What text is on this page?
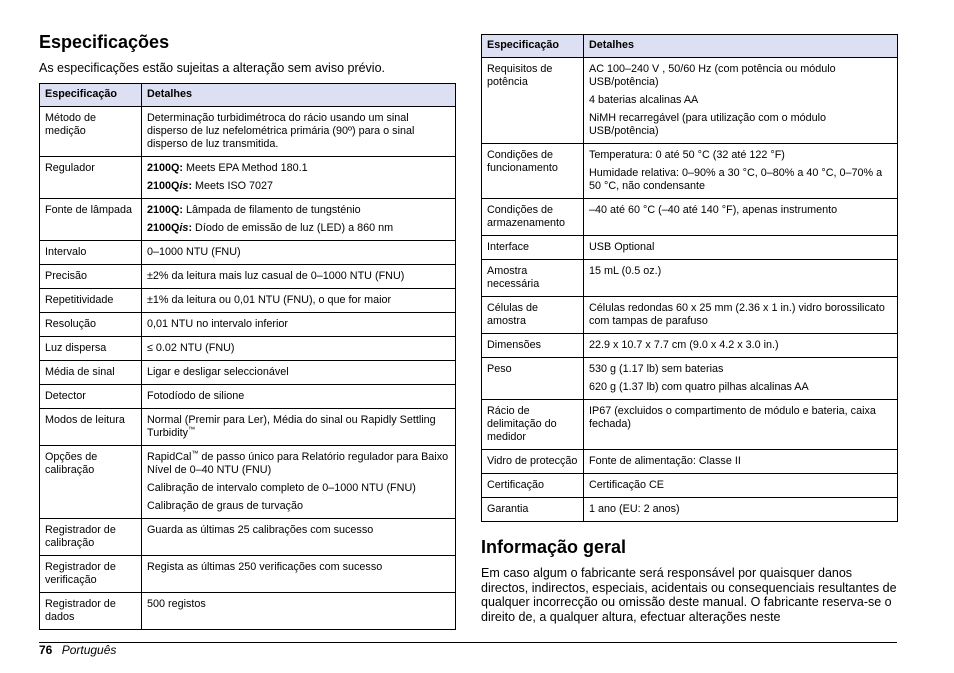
Especificações

As especificações estão sujeitas a alteração sem aviso prévio.

Especificação	Detalhes
Método de medição	Determinação turbidimétroca do rácio usando um sinal disperso de luz nefelométrica primária (90º) para o sinal disperso de luz transmitida.

Regulador	2100Q: Meets EPA Method 180.1
2100Qis: Meets ISO 7027

Fonte de lâmpada	2100Q: Lâmpada de filamento de tungsténio
2100Qis: Díodo de emissão de luz (LED) a 860 nm

Intervalo	0–1000 NTU (FNU)

Precisão	±2% da leitura mais luz casual de 0–1000 NTU (FNU)

Repetitividade	±1% da leitura ou 0,01 NTU (FNU), o que for maior

Resolução	0,01 NTU no intervalo inferior

Luz dispersa	≤ 0.02 NTU (FNU)

Média de sinal	Ligar e desligar seleccionável

Detector	Fotodíodo de silione

Modos de leitura	Normal (Premir para Ler), Média do sinal ou Rapidly Settling Turbidity™

Opções de calibração	RapidCal™ de passo único para Relatório regulador para Baixo Nível de 0–40 NTU (FNU)
Calibração de intervalo completo de 0–1000 NTU (FNU)
Calibração de graus de turvação

Registrador de calibração	Guarda as últimas 25 calibrações com sucesso

Registrador de verificação	Regista as últimas 250 verificações com sucesso

Registrador de dados	500 registos
Especificação	Detalhes
Requisitos de potência	AC 100–240 V , 50/60 Hz (com potência ou módulo USB/potência)
4 baterias alcalinas AA
NiMH recarregável (para utilização com o módulo USB/potência)

Condições de funcionamento	Temperatura: 0 até 50 °C (32 até 122 °F)
Humidade relativa: 0–90% a 30 °C, 0–80% a 40 °C, 0–70% a 50 °C, não condensante

Condições de armazenamento	–40 até 60 °C (–40 até 140 °F), apenas instrumento

Interface	USB Optional

Amostra necessária	15 mL (0.5 oz.)

Células de amostra	Células redondas 60 x 25 mm (2.36 x 1 in.) vidro borossilicato com tampas de parafuso

Dimensões	22.9 x 10.7 x 7.7 cm (9.0 x 4.2 x 3.0 in.)

Peso	530 g (1.17 lb) sem baterias
620 g (1.37 lb) com quatro pilhas alcalinas AA

Rácio de delimitação do medidor	IP67 (excluidos o compartimento de módulo e bateria, caixa fechada)

Vidro de protecção	Fonte de alimentação: Classe II

Certificação	Certificação CE

Garantia	1 ano (EU: 2 anos)
Informação geral

Em caso algum o fabricante será responsável por quaisquer danos directos, indirectos, especiais, acidentais ou consequenciais resultantes de qualquer incorrecção ou omissão deste manual. O fabricante reserva-se o direito de, a qualquer altura, efectuar alterações neste

76 Português
